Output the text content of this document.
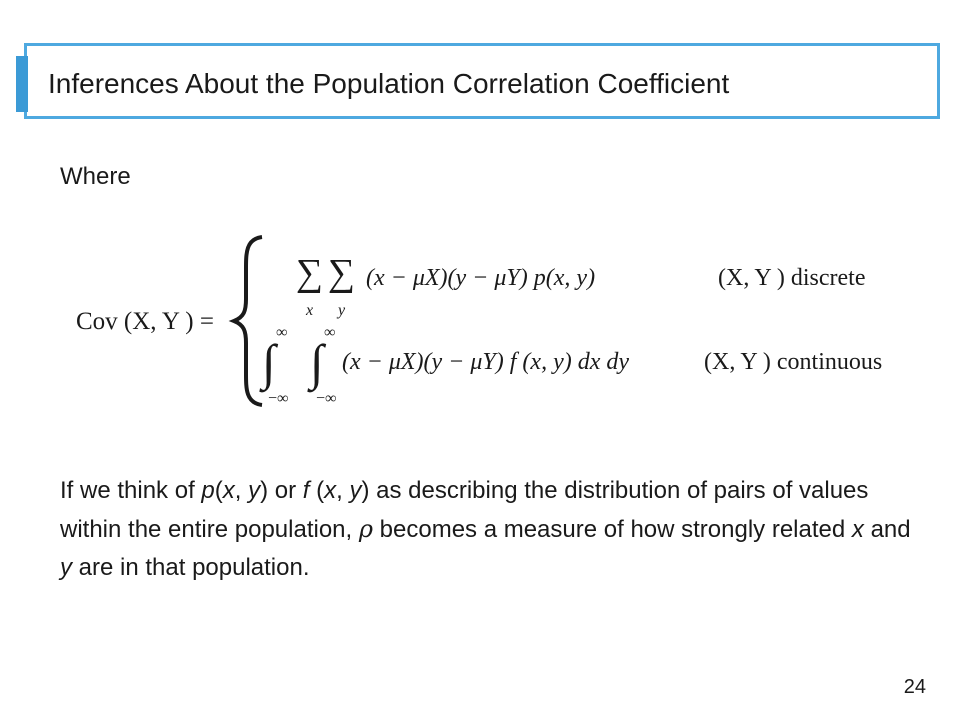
Inferences About the Population Correlation Coefficient
Where
Cov (X, Y ) =
∑ ∑
x y
(x − μX)(y − μY) p(x, y)	(X, Y ) discrete
∞
∫
−∞
∞
∫
−∞
(x − μX)(y − μY) f (x, y) dx dy	(X, Y ) continuous
If we think of p(x, y) or f (x, y) as describing the distribution of pairs of values within the entire population, ρ becomes a measure of how strongly related x and y are in that population.
24
